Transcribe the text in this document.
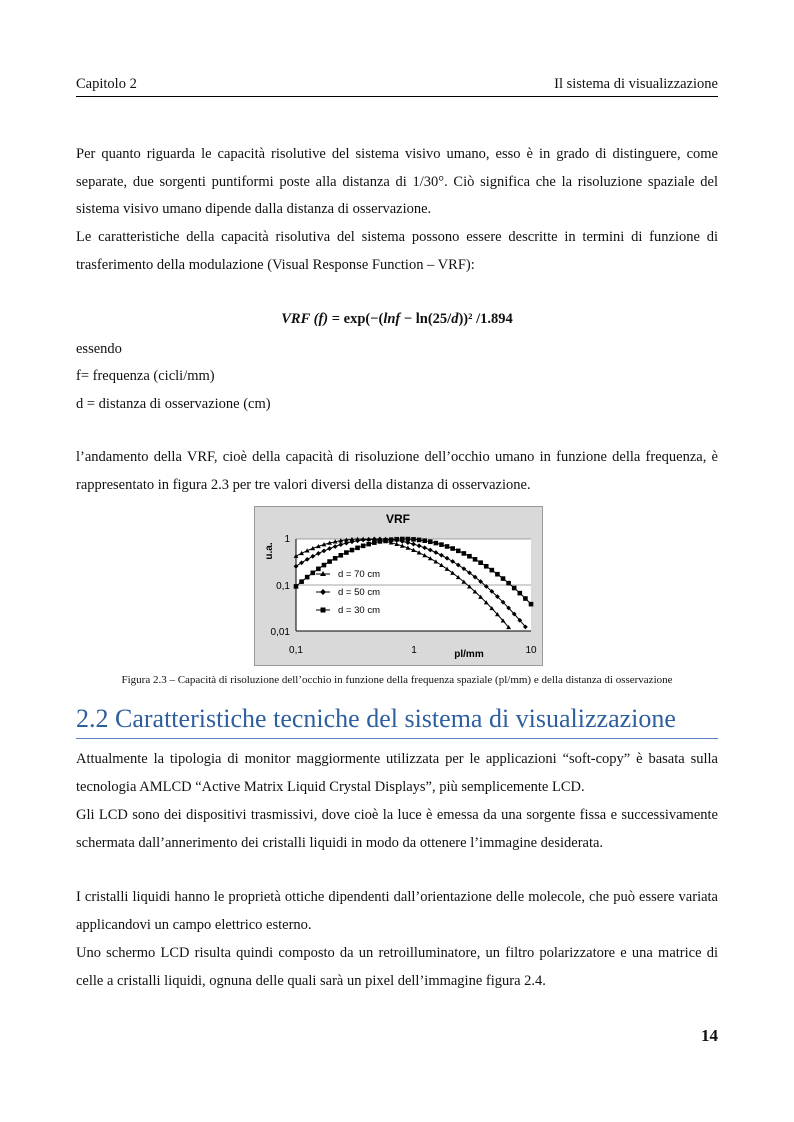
Capitolo 2	Il sistema di visualizzazione
Per quanto riguarda le capacità risolutive del sistema visivo umano, esso è in grado di distinguere, come separate, due sorgenti puntiformi poste alla distanza di 1/30°. Ciò significa che la risoluzione spaziale del sistema visivo umano dipende dalla distanza di osservazione.
Le caratteristiche della capacità risolutiva del sistema possono essere descritte in termini di funzione di trasferimento della modulazione (Visual Response Function – VRF):
VRF (f) = exp(−(lnf − ln(25/d))² /1.894
essendo
f= frequenza (cicli/mm)
d = distanza di osservazione (cm)
l’andamento della VRF, cioè della capacità di risoluzione dell’occhio umano in funzione della frequenza, è rappresentato in figura 2.3 per tre valori diversi della distanza di osservazione.
VRF
u.a.
pl/mm
1
0,1
0,01
0,1	1	10
d = 70 cm
d = 50 cm
d = 30 cm
Figura 2.3 – Capacità di risoluzione dell’occhio in funzione della frequenza spaziale (pl/mm) e della distanza di osservazione
2.2 Caratteristiche tecniche del sistema di visualizzazione
Attualmente la tipologia di monitor maggiormente utilizzata per le applicazioni “soft-copy” è basata sulla tecnologia AMLCD “Active Matrix Liquid Crystal Displays”, più semplicemente LCD.
Gli LCD sono dei dispositivi trasmissivi, dove cioè la luce è emessa da una sorgente fissa e successivamente schermata dall’annerimento dei cristalli liquidi in modo da ottenere l’immagine desiderata.
I cristalli liquidi hanno le proprietà ottiche dipendenti dall’orientazione delle molecole, che può essere variata applicandovi un campo elettrico esterno.
Uno schermo LCD risulta quindi composto da un retroilluminatore, un filtro polarizzatore e una matrice di celle a cristalli liquidi, ognuna delle quali sarà un pixel dell’immagine figura 2.4.
14
